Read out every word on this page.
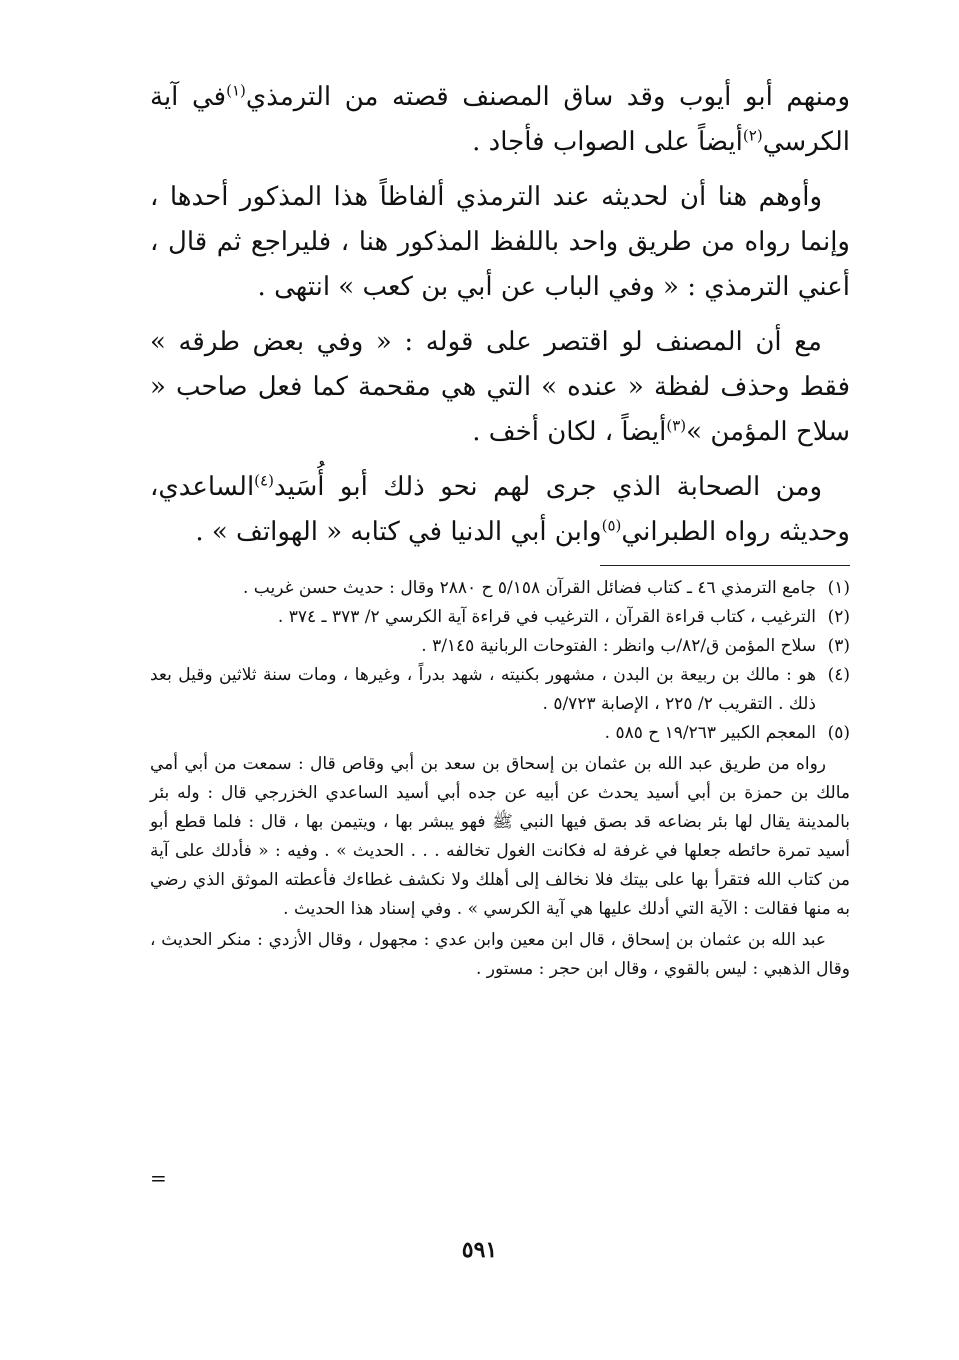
ومنهم أبو أيوب وقد ساق المصنف قصته من الترمذي$^{(١)}$في آية الكرسي$^{(٢)}$أيضاً على الصواب فأجاد .

وأوهم هنا أن لحديثه عند الترمذي ألفاظاً هذا المذكور أحدها ، وإنما رواه من طريق واحد باللفظ المذكور هنا ، فليراجع ثم قال ، أعني الترمذي : « وفي الباب عن أبي بن كعب » انتهى .

مع أن المصنف لو اقتصر على قوله : « وفي بعض طرقه » فقط وحذف لفظة « عنده » التي هي مقحمة كما فعل صاحب « سلاح المؤمن »$^{(٣)}$أيضاً ، لكان أخف .

ومن الصحابة الذي جرى لهم نحو ذلك أبو أُسَيد$^{(٤)}$الساعدي، وحديثه رواه الطبراني$^{(٥)}$وابن أبي الدنيا في كتابه « الهواتف » .

(١)
جامع الترمذي ٤٦ ـ كتاب فضائل القرآن ٥/١٥٨ ح ٢٨٨٠ وقال : حديث حسن غريب .
(٢)
الترغيب ، كتاب قراءة القرآن ، الترغيب في قراءة آية الكرسي ٢/ ٣٧٣ ـ ٣٧٤ .
(٣)
سلاح المؤمن ق/٨٢/ب وانظر : الفتوحات الربانية ٣/١٤٥ .
(٤)
هو : مالك بن ربيعة بن البدن ، مشهور بكنيته ، شهد بدراً ، وغيرها ، ومات سنة ثلاثين وقيل بعد ذلك . التقريب ٢/ ٢٢٥ ، الإصابة ٥/٧٢٣ .
(٥)
المعجم الكبير ١٩/٢٦٣ ح ٥٨٥ .
رواه من طريق عبد الله بن عثمان بن إسحاق بن سعد بن أبي وقاص قال : سمعت من أبي أمي مالك بن حمزة بن أبي أسيد يحدث عن أبيه عن جده أبي أسيد الساعدي الخزرجي قال : وله بئر بالمدينة يقال لها بئر بضاعه قد بصق فيها النبي ﷺ فهو يبشر بها ، ويتيمن بها ، قال : فلما قطع أبو أسيد تمرة حائطه جعلها في غرفة له فكانت الغول تخالفه . . . الحديث » . وفيه : « فأدلك على آية من كتاب الله فتقرأ بها على بيتك فلا نخالف إلى أهلك ولا نكشف غطاءك فأعطته الموثق الذي رضي به منها فقالت : الآية التي أدلك عليها هي آية الكرسي » . وفي إسناد هذا الحديث .
عبد الله بن عثمان بن إسحاق ، قال ابن معين وابن عدي : مجهول ، وقال الأزدي : منكر الحديث ، وقال الذهبي : ليس بالقوي ، وقال ابن حجر : مستور .
=
٥٩١
